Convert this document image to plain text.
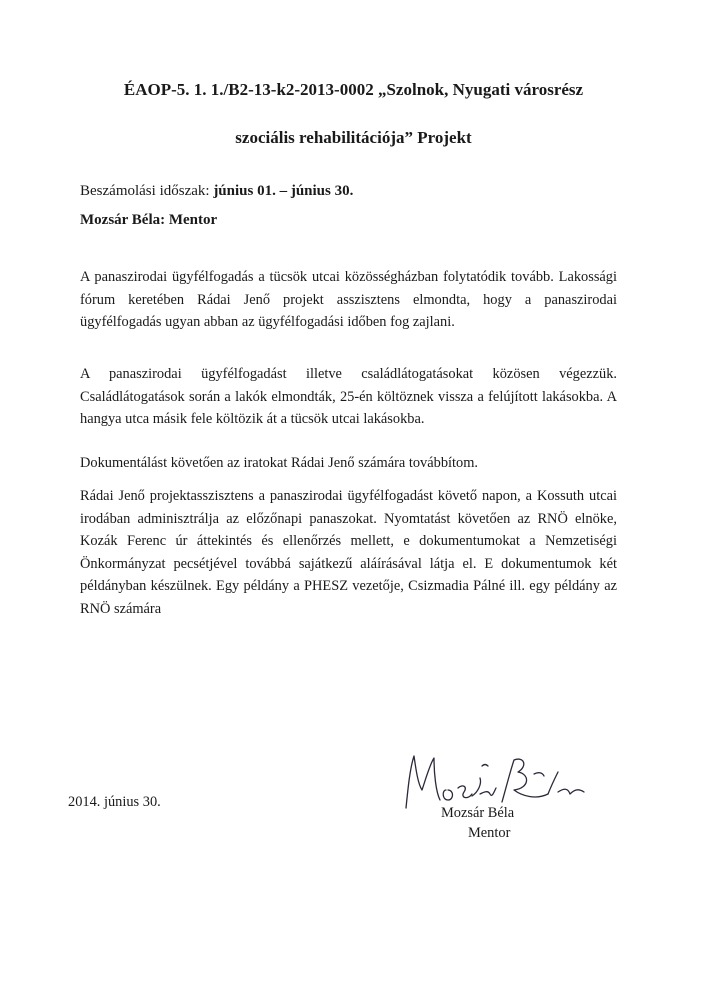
ÉAOP-5. 1. 1./B2-13-k2-2013-0002 „Szolnok, Nyugati városrész

szociális rehabilitációja” Projekt

Beszámolási időszak: június 01. – június 30.

Mozsár Béla: Mentor

A panaszirodai ügyfélfogadás a tücsök utcai közösségházban folytatódik tovább. Lakossági fórum keretében Rádai Jenő projekt asszisztens elmondta, hogy a panaszirodai ügyfélfogadás ugyan abban az ügyfélfogadási időben fog zajlani.

A panaszirodai ügyfélfogadást illetve családlátogatásokat közösen végezzük. Családlátogatások során a lakók elmondták, 25-én költöznek vissza a felújított lakásokba. A hangya utca másik fele költözik át a tücsök utcai lakásokba.

Dokumentálást követően az iratokat Rádai Jenő számára továbbítom.

Rádai Jenő projektasszisztens a panaszirodai ügyfélfogadást követő napon, a Kossuth utcai irodában adminisztrálja az előzőnapi panaszokat. Nyomtatást követően az RNÖ elnöke, Kozák Ferenc úr áttekintés és ellenőrzés mellett, e dokumentumokat a Nemzetiségi Önkormányzat pecsétjével továbbá sajátkezű aláírásával látja el. E dokumentumok két példányban készülnek. Egy példány a PHESZ vezetője, Csizmadia Pálné ill. egy példány az RNÖ számára

2014. június 30.

Mozsár Béla

Mentor
